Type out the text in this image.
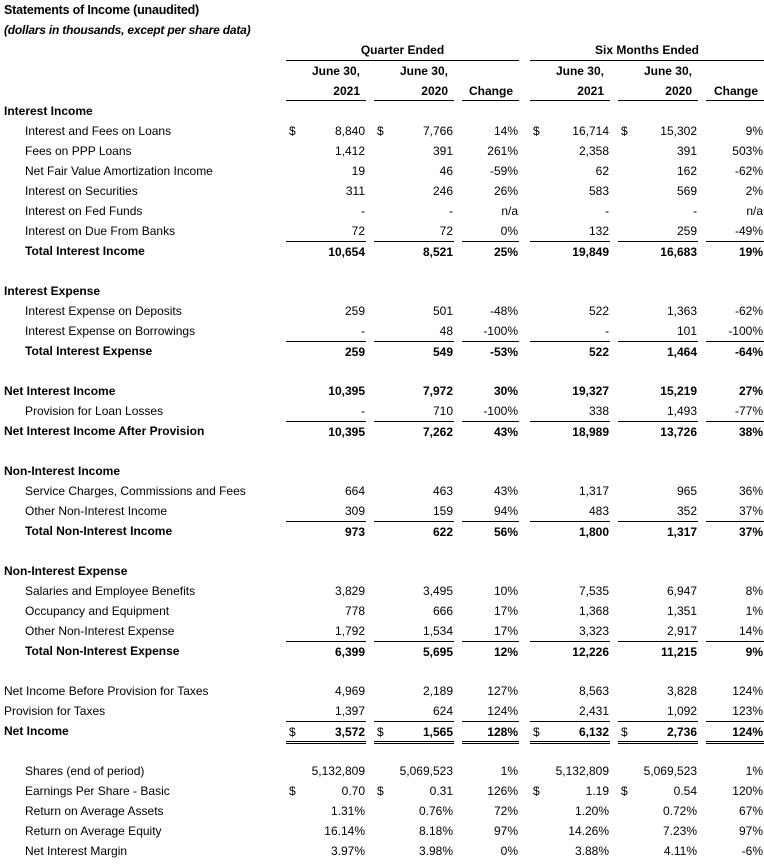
Statements of Income (unaudited)
(dollars in thousands, except per share data)
Quarter Ended	Six Months Ended
June 30,	June 30,	June 30,	June 30,
2021	2020	Change	2021	2020	Change
Interest Income
Interest and Fees on Loans	$	8,840 $	7,766	14% $	16,714 $	15,302	9%
Fees on PPP Loans	1,412	391	261%	2,358	391	503%
Net Fair Value Amortization Income	19	46	-59%	62	162	-62%
Interest on Securities	311	246	26%	583	569	2%
Interest on Fed Funds	-	-	n/a	-	-	n/a
Interest on Due From Banks	72	72	0%	132	259	-49%
Total Interest Income	10,654	8,521	25%	19,849	16,683	19%
Interest Expense
Interest Expense on Deposits	259	501	-48%	522	1,363	-62%
Interest Expense on Borrowings	-	48	-100%	-	101	-100%
Total Interest Expense	259	549	-53%	522	1,464	-64%
Net Interest Income	10,395	7,972	30%	19,327	15,219	27%
Provision for Loan Losses	-	710	-100%	338	1,493	-77%
Net Interest Income After Provision	10,395	7,262	43%	18,989	13,726	38%
Non-Interest Income
Service Charges, Commissions and Fees	664	463	43%	1,317	965	36%
Other Non-Interest Income	309	159	94%	483	352	37%
Total Non-Interest Income	973	622	56%	1,800	1,317	37%
Non-Interest Expense
Salaries and Employee Benefits	3,829	3,495	10%	7,535	6,947	8%
Occupancy and Equipment	778	666	17%	1,368	1,351	1%
Other Non-Interest Expense	1,792	1,534	17%	3,323	2,917	14%
Total Non-Interest Expense	6,399	5,695	12%	12,226	11,215	9%
Net Income Before Provision for Taxes	4,969	2,189	127%	8,563	3,828	124%
Provision for Taxes	1,397	624	124%	2,431	1,092	123%
Net Income	$	3,572 $	1,565	128% $	6,132 $	2,736	124%
Shares (end of period)	5,132,809	5,069,523	1%	5,132,809	5,069,523	1%
Earnings Per Share - Basic	$	0.70 $	0.31	126% $	1.19 $	0.54	120%
Return on Average Assets	1.31%	0.76%	72%	1.20%	0.72%	67%
Return on Average Equity	16.14%	8.18%	97%	14.26%	7.23%	97%
Net Interest Margin	3.97%	3.98%	0%	3.88%	4.11%	-6%
